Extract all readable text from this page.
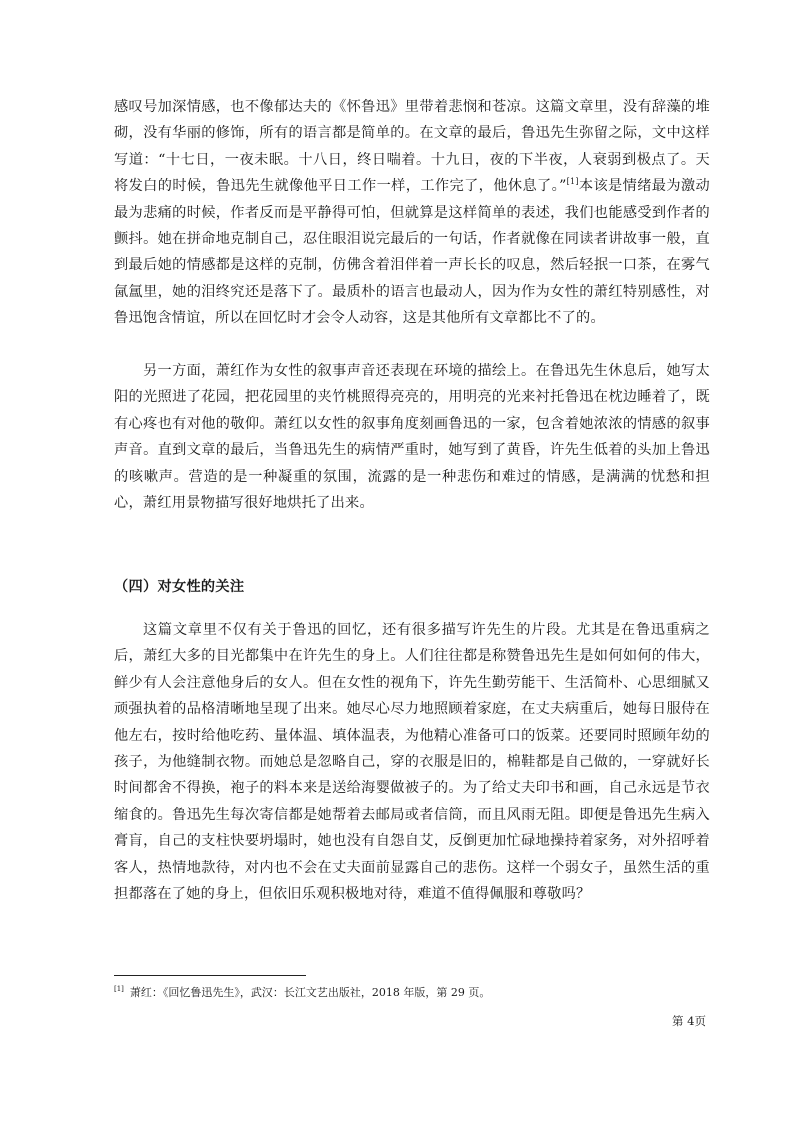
感叹号加深情感，也不像郁达夫的《怀鲁迅》里带着悲悯和苍凉。这篇文章里，没有辞藻的堆砌，没有华丽的修饰，所有的语言都是简单的。在文章的最后，鲁迅先生弥留之际，文中这样写道：“十七日，一夜未眠。十八日，终日喘着。十九日，夜的下半夜，人衰弱到极点了。天将发白的时候，鲁迅先生就像他平日工作一样，工作完了，他休息了。”[1]本该是情绪最为激动最为悲痛的时候，作者反而是平静得可怕，但就算是这样简单的表述，我们也能感受到作者的颤抖。她在拼命地克制自己，忍住眼泪说完最后的一句话，作者就像在同读者讲故事一般，直到最后她的情感都是这样的克制，仿佛含着泪伴着一声长长的叹息，然后轻抿一口茶，在雾气氤氲里，她的泪终究还是落下了。最质朴的语言也最动人，因为作为女性的萧红特别感性，对鲁迅饱含情谊，所以在回忆时才会令人动容，这是其他所有文章都比不了的。

另一方面，萧红作为女性的叙事声音还表现在环境的描绘上。在鲁迅先生休息后，她写太阳的光照进了花园，把花园里的夹竹桃照得亮亮的，用明亮的光来衬托鲁迅在枕边睡着了，既有心疼也有对他的敬仰。萧红以女性的叙事角度刻画鲁迅的一家，包含着她浓浓的情感的叙事声音。直到文章的最后，当鲁迅先生的病情严重时，她写到了黄昏，许先生低着的头加上鲁迅的咳嗽声。营造的是一种凝重的氛围，流露的是一种悲伤和难过的情感，是满满的忧愁和担心，萧红用景物描写很好地烘托了出来。

（四）对女性的关注

这篇文章里不仅有关于鲁迅的回忆，还有很多描写许先生的片段。尤其是在鲁迅重病之后，萧红大多的目光都集中在许先生的身上。人们往往都是称赞鲁迅先生是如何如何的伟大，鲜少有人会注意他身后的女人。但在女性的视角下，许先生勤劳能干、生活简朴、心思细腻又顽强执着的品格清晰地呈现了出来。她尽心尽力地照顾着家庭，在丈夫病重后，她每日服侍在他左右，按时给他吃药、量体温、填体温表，为他精心准备可口的饭菜。还要同时照顾年幼的孩子，为他缝制衣物。而她总是忽略自己，穿的衣服是旧的，棉鞋都是自己做的，一穿就好长时间都舍不得换，袍子的料本来是送给海婴做被子的。为了给丈夫印书和画，自己永远是节衣缩食的。鲁迅先生每次寄信都是她帮着去邮局或者信筒，而且风雨无阻。即便是鲁迅先生病入膏肓，自己的支柱快要坍塌时，她也没有自怨自艾，反倒更加忙碌地操持着家务，对外招呼着客人，热情地款待，对内也不会在丈夫面前显露自己的悲伤。这样一个弱女子，虽然生活的重担都落在了她的身上，但依旧乐观积极地对待，难道不值得佩服和尊敬吗？

[1] 萧红：《回忆鲁迅先生》，武汉：长江文艺出版社，2018 年版，第 29 页。

第 4页
